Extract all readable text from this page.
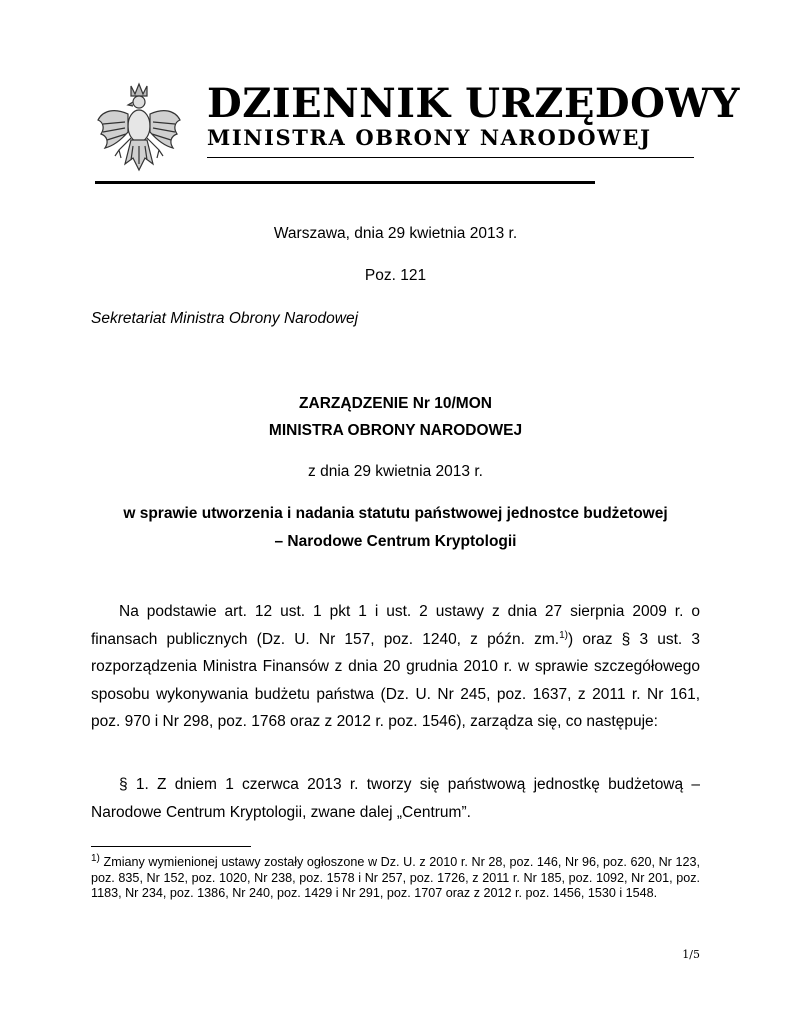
DZIENNIK URZĘDOWY
MINISTRA OBRONY NARODOWEJ
Warszawa, dnia 29 kwietnia 2013 r.
Poz. 121
Sekretariat Ministra Obrony Narodowej
ZARZĄDZENIE Nr 10/MON
MINISTRA OBRONY NARODOWEJ
z dnia 29 kwietnia 2013 r.
w sprawie utworzenia i nadania statutu państwowej jednostce budżetowej
– Narodowe Centrum Kryptologii
Na podstawie art. 12 ust. 1 pkt 1 i ust. 2 ustawy z dnia 27 sierpnia 2009 r. o finansach publicznych (Dz. U. Nr 157, poz. 1240, z późn. zm.$^{1)}$) oraz § 3 ust. 3 rozporządzenia Ministra Finansów z dnia 20 grudnia 2010 r. w sprawie szczegółowego sposobu wykonywania budżetu państwa (Dz. U. Nr 245, poz. 1637, z 2011 r. Nr 161, poz. 970 i Nr 298, poz. 1768 oraz z 2012 r. poz. 1546), zarządza się, co następuje:
§ 1. Z dniem 1 czerwca 2013 r. tworzy się państwową jednostkę budżetową – Narodowe Centrum Kryptologii, zwane dalej „Centrum”.
$^{1)}$ Zmiany wymienionej ustawy zostały ogłoszone w Dz. U. z 2010 r. Nr 28, poz. 146, Nr 96, poz. 620, Nr 123, poz. 835, Nr 152, poz. 1020, Nr 238, poz. 1578 i Nr 257, poz. 1726, z 2011 r. Nr 185, poz. 1092, Nr 201, poz. 1183, Nr 234, poz. 1386, Nr 240, poz. 1429 i Nr 291, poz. 1707 oraz z 2012 r. poz. 1456, 1530 i 1548.
1/5
